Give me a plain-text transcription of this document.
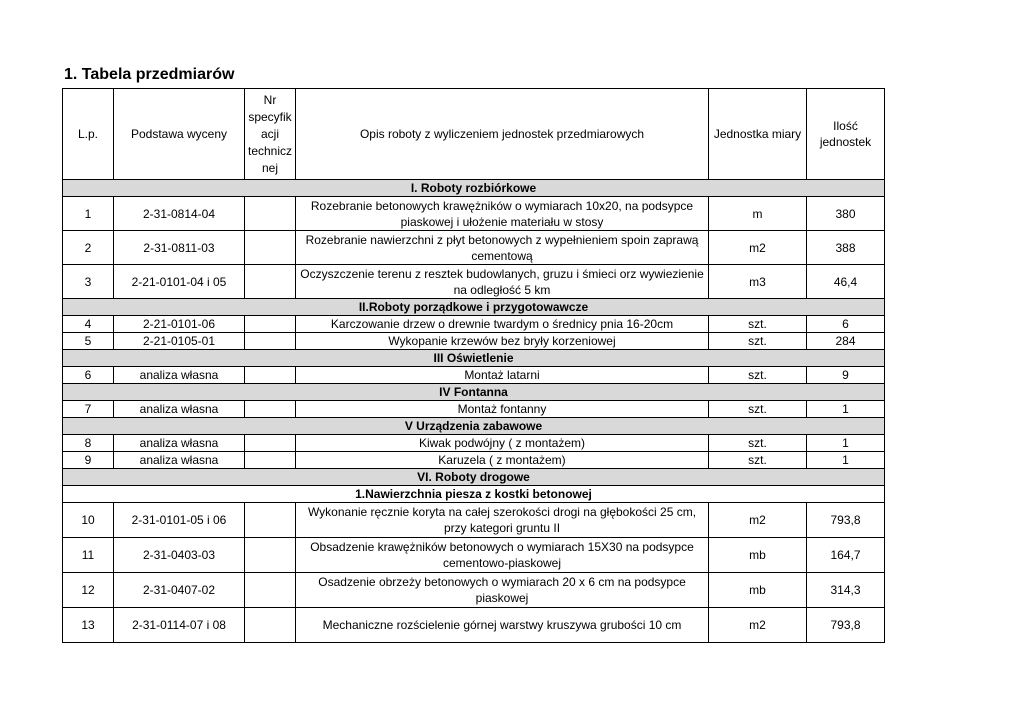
1. Tabela przedmiarów
L.p.	Podstawa wyceny	Nr specyfik acji technicz nej	Opis roboty z wyliczeniem jednostek przedmiarowych	Jednostka miary	Ilość jednostek
I. Roboty rozbiórkowe					
1	2-31-0814-04		Rozebranie betonowych krawężników o wymiarach 10x20, na podsypce piaskowej i ułożenie materiału w stosy	m	380
2	2-31-0811-03		Rozebranie nawierzchni z płyt betonowych z wypełnieniem spoin zaprawą cementową	m2	388
3	2-21-0101-04 i 05		Oczyszczenie terenu z resztek budowlanych, gruzu i śmieci orz wywiezienie na odległość 5 km	m3	46,4
II.Roboty porządkowe i przygotowawcze					
4	2-21-0101-06		Karczowanie drzew o drewnie twardym o średnicy pnia 16-20cm	szt.	6
5	2-21-0105-01		Wykopanie krzewów bez bryły korzeniowej	szt.	284
III Oświetlenie					
6	analiza własna		Montaż latarni	szt.	9
IV Fontanna					
7	analiza własna		Montaż fontanny	szt.	1
V Urządzenia zabawowe					
8	analiza własna		Kiwak podwójny ( z montażem)	szt.	1
9	analiza własna		Karuzela ( z montażem)	szt.	1
VI. Roboty drogowe					
1.Nawierzchnia piesza z kostki betonowej					
10	2-31-0101-05 i 06		Wykonanie ręcznie koryta na całej szerokości drogi na głębokości 25 cm, przy kategori gruntu II	m2	793,8
11	2-31-0403-03		Obsadzenie krawężników betonowych o wymiarach 15X30 na podsypce cementowo-piaskowej	mb	164,7
12	2-31-0407-02		Osadzenie obrzeży betonowych o wymiarach 20 x 6 cm na podsypce piaskowej	mb	314,3
13	2-31-0114-07 i 08		Mechaniczne rozścielenie górnej warstwy kruszywa grubości 10 cm	m2	793,8
